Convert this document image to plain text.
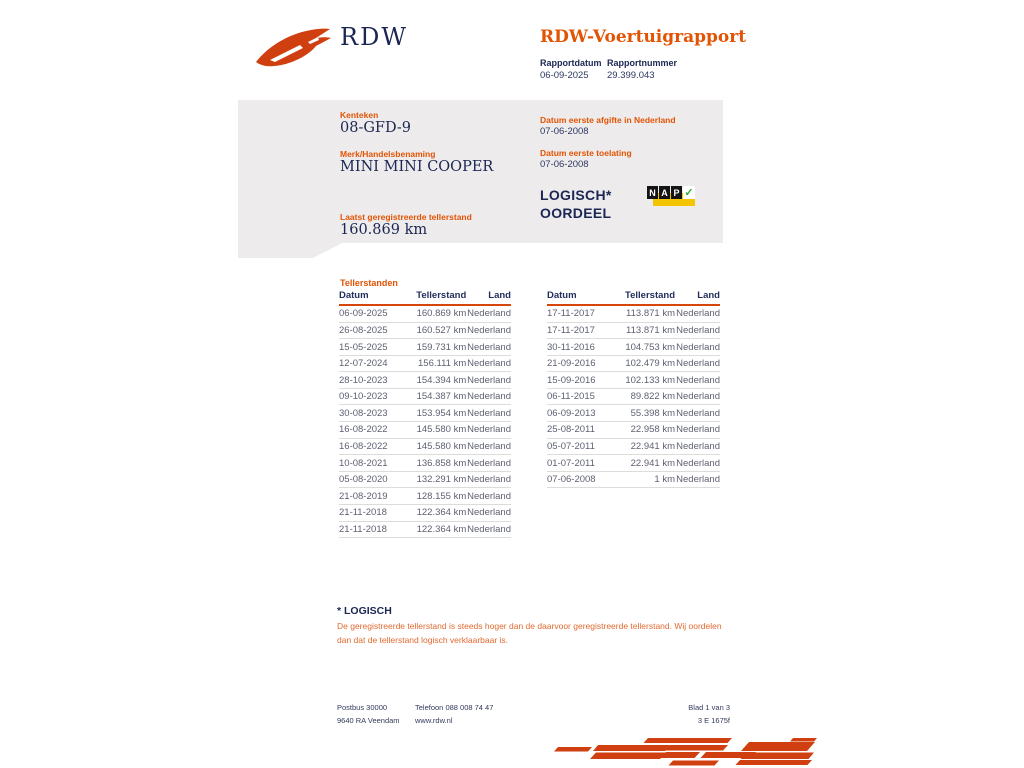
RDW	RDW-Voertuigrapport
Rapportdatum
06-09-2025
Rapportnummer
29.399.043
Kenteken
08-GFD-9
Merk/Handelsbenaming
MINI MINI COOPER
Laatst geregistreerde tellerstand
160.869 km
Datum eerste afgifte in Nederland
07-06-2008
Datum eerste toelating
07-06-2008
LOGISCH*
OORDEEL
N A P ✓
Tellerstanden
Datum	Tellerstand	Land
06-09-2025	160.869 km	Nederland
26-08-2025	160.527 km	Nederland
15-05-2025	159.731 km	Nederland
12-07-2024	156.111 km	Nederland
28-10-2023	154.394 km	Nederland
09-10-2023	154.387 km	Nederland
30-08-2023	153.954 km	Nederland
16-08-2022	145.580 km	Nederland
16-08-2022	145.580 km	Nederland
10-08-2021	136.858 km	Nederland
05-08-2020	132.291 km	Nederland
21-08-2019	128.155 km	Nederland
21-11-2018	122.364 km	Nederland
21-11-2018	122.364 km	Nederland
Datum	Tellerstand	Land
17-11-2017	113.871 km	Nederland
17-11-2017	113.871 km	Nederland
30-11-2016	104.753 km	Nederland
21-09-2016	102.479 km	Nederland
15-09-2016	102.133 km	Nederland
06-11-2015	89.822 km	Nederland
06-09-2013	55.398 km	Nederland
25-08-2011	22.958 km	Nederland
05-07-2011	22.941 km	Nederland
01-07-2011	22.941 km	Nederland
07-06-2008	1 km	Nederland
* LOGISCH
De geregistreerde tellerstand is steeds hoger dan de daarvoor geregistreerde tellerstand. Wij oordelen dan dat de tellerstand logisch verklaarbaar is.
Postbus 30000
9640 RA Veendam
Telefoon 088 008 74 47
www.rdw.nl
Blad 1 van 3
3 E 1675f
